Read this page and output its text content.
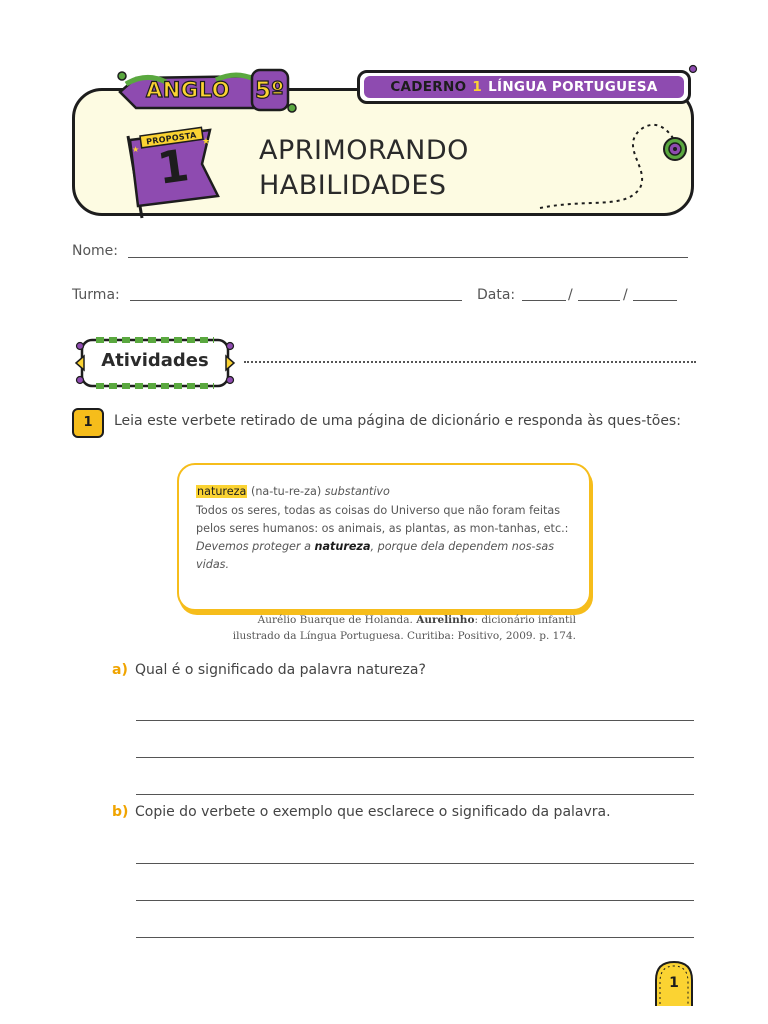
ANGLO 5º	CADERNO 1 LÍNGUA PORTUGUESA
★
★
PROPOSTA
1 APRIMORANDO
HABILIDADES
Nome:
Turma:	Data:	/	/
Atividades
1	Leia este verbete retirado de uma página de dicionário e responda às ques-tões:
natureza (na-tu-re-za) substantivo
Todos os seres, todas as coisas do Universo que não foram feitas pelos seres humanos: os animais, as plantas, as mon-tanhas, etc.:
Devemos proteger a natureza, porque dela dependem nos-sas vidas.
Aurélio Buarque de Holanda. Aurelinho: dicionário infantil
ilustrado da Língua Portuguesa. Curitiba: Positivo, 2009. p. 174.
a) Qual é o significado da palavra natureza?
b) Copie do verbete o exemplo que esclarece o significado da palavra.
1
